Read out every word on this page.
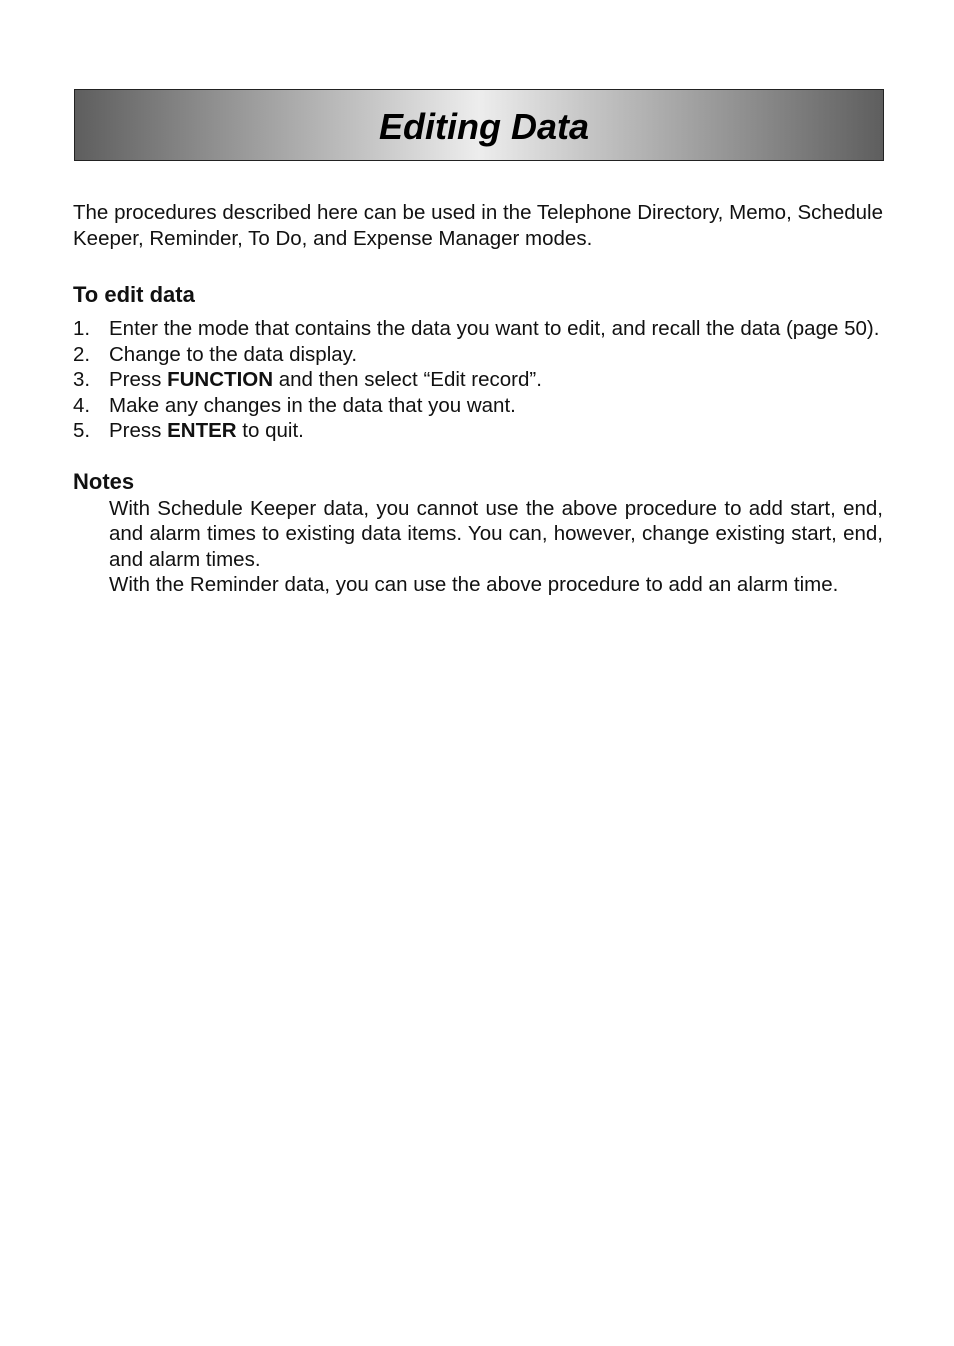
Editing Data

The procedures described here can be used in the Telephone Directory, Memo, Schedule Keeper, Reminder, To Do, and Expense Manager modes.

To edit data
1. Enter the mode that contains the data you want to edit, and recall the data (page 50).
2. Change to the data display.
3. Press FUNCTION and then select “Edit record”.
4. Make any changes in the data that you want.
5. Press ENTER to quit.
Notes
With Schedule Keeper data, you cannot use the above procedure to add start, end, and alarm times to existing data items. You can, however, change existing start, end, and alarm times.
With the Reminder data, you can use the above procedure to add an alarm time.
